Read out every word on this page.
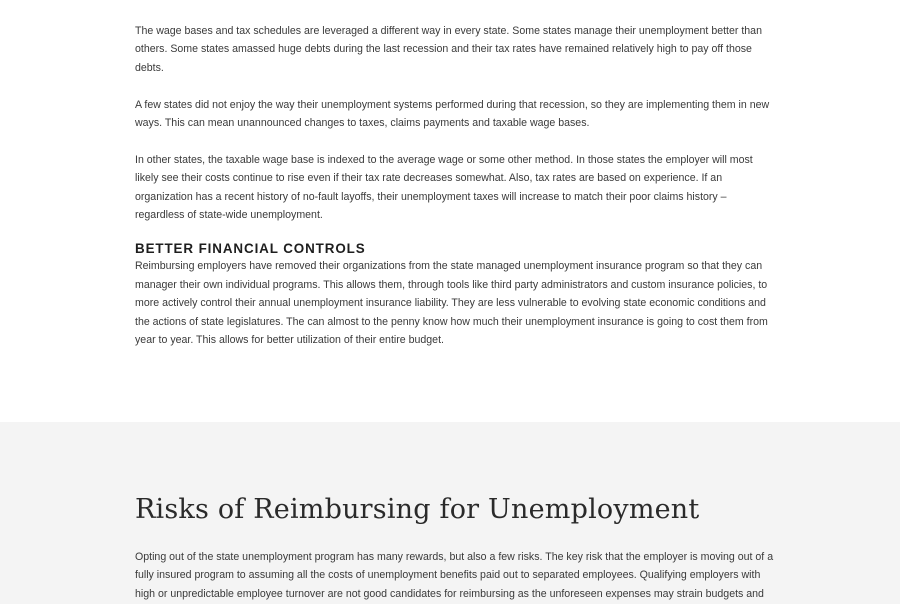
The wage bases and tax schedules are leveraged a different way in every state. Some states manage their unemployment better than others. Some states amassed huge debts during the last recession and their tax rates have remained relatively high to pay off those debts.

A few states did not enjoy the way their unemployment systems performed during that recession, so they are implementing them in new ways. This can mean unannounced changes to taxes, claims payments and taxable wage bases.

In other states, the taxable wage base is indexed to the average wage or some other method. In those states the employer will most likely see their costs continue to rise even if their tax rate decreases somewhat. Also, tax rates are based on experience. If an organization has a recent history of no-fault layoffs, their unemployment taxes will increase to match their poor claims history – regardless of state-wide unemployment.

BETTER FINANCIAL CONTROLS

Reimbursing employers have removed their organizations from the state managed unemployment insurance program so that they can manager their own individual programs. This allows them, through tools like third party administrators and custom insurance policies, to more actively control their annual unemployment insurance liability. They are less vulnerable to evolving state economic conditions and the actions of state legislatures. The can almost to the penny know how much their unemployment insurance is going to cost them from year to year. This allows for better utilization of their entire budget.

Risks of Reimbursing for Unemployment

Opting out of the state unemployment program has many rewards, but also a few risks. The key risk that the employer is moving out of a fully insured program to assuming all the costs of unemployment benefits paid out to separated employees. Qualifying employers with high or unpredictable employee turnover are not good candidates for reimbursing as the unforeseen expenses may strain budgets and
